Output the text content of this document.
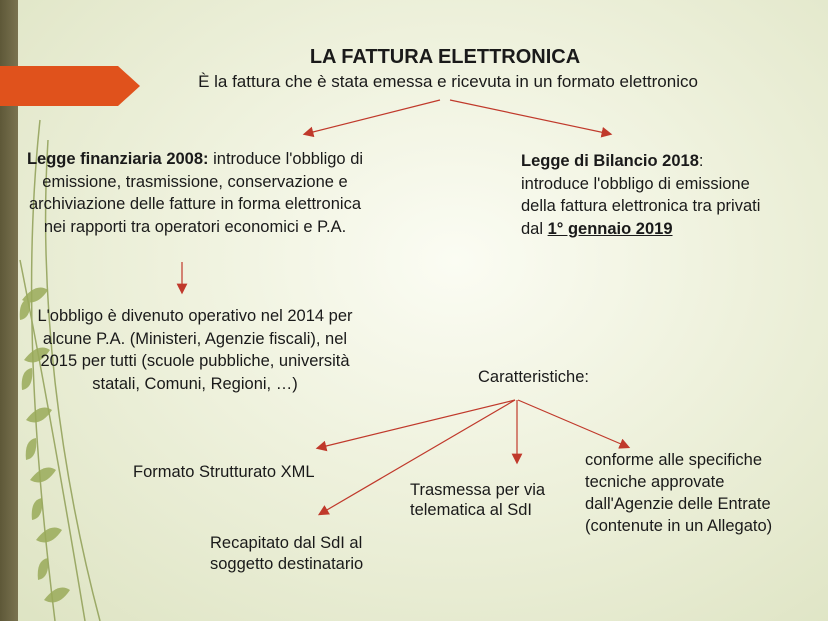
LA FATTURA ELETTRONICA

È la fattura che è stata emessa e ricevuta in un formato elettronico

Legge finanziaria 2008: introduce l'obbligo di emissione, trasmissione, conservazione e archiviazione delle fatture in forma elettronica nei rapporti tra operatori economici e P.A.

Legge di Bilancio 2018: introduce l'obbligo di emissione della fattura elettronica tra privati dal 1° gennaio 2019

L'obbligo è divenuto operativo nel 2014 per alcune P.A. (Ministeri, Agenzie fiscali), nel 2015 per tutti (scuole pubbliche, università statali, Comuni, Regioni, …)	Caratteristiche:

Formato Strutturato XML

Trasmessa per via telematica al SdI

conforme alle specifiche tecniche approvate dall'Agenzie delle Entrate (contenute in un Allegato)

Recapitato dal SdI al soggetto destinatario
